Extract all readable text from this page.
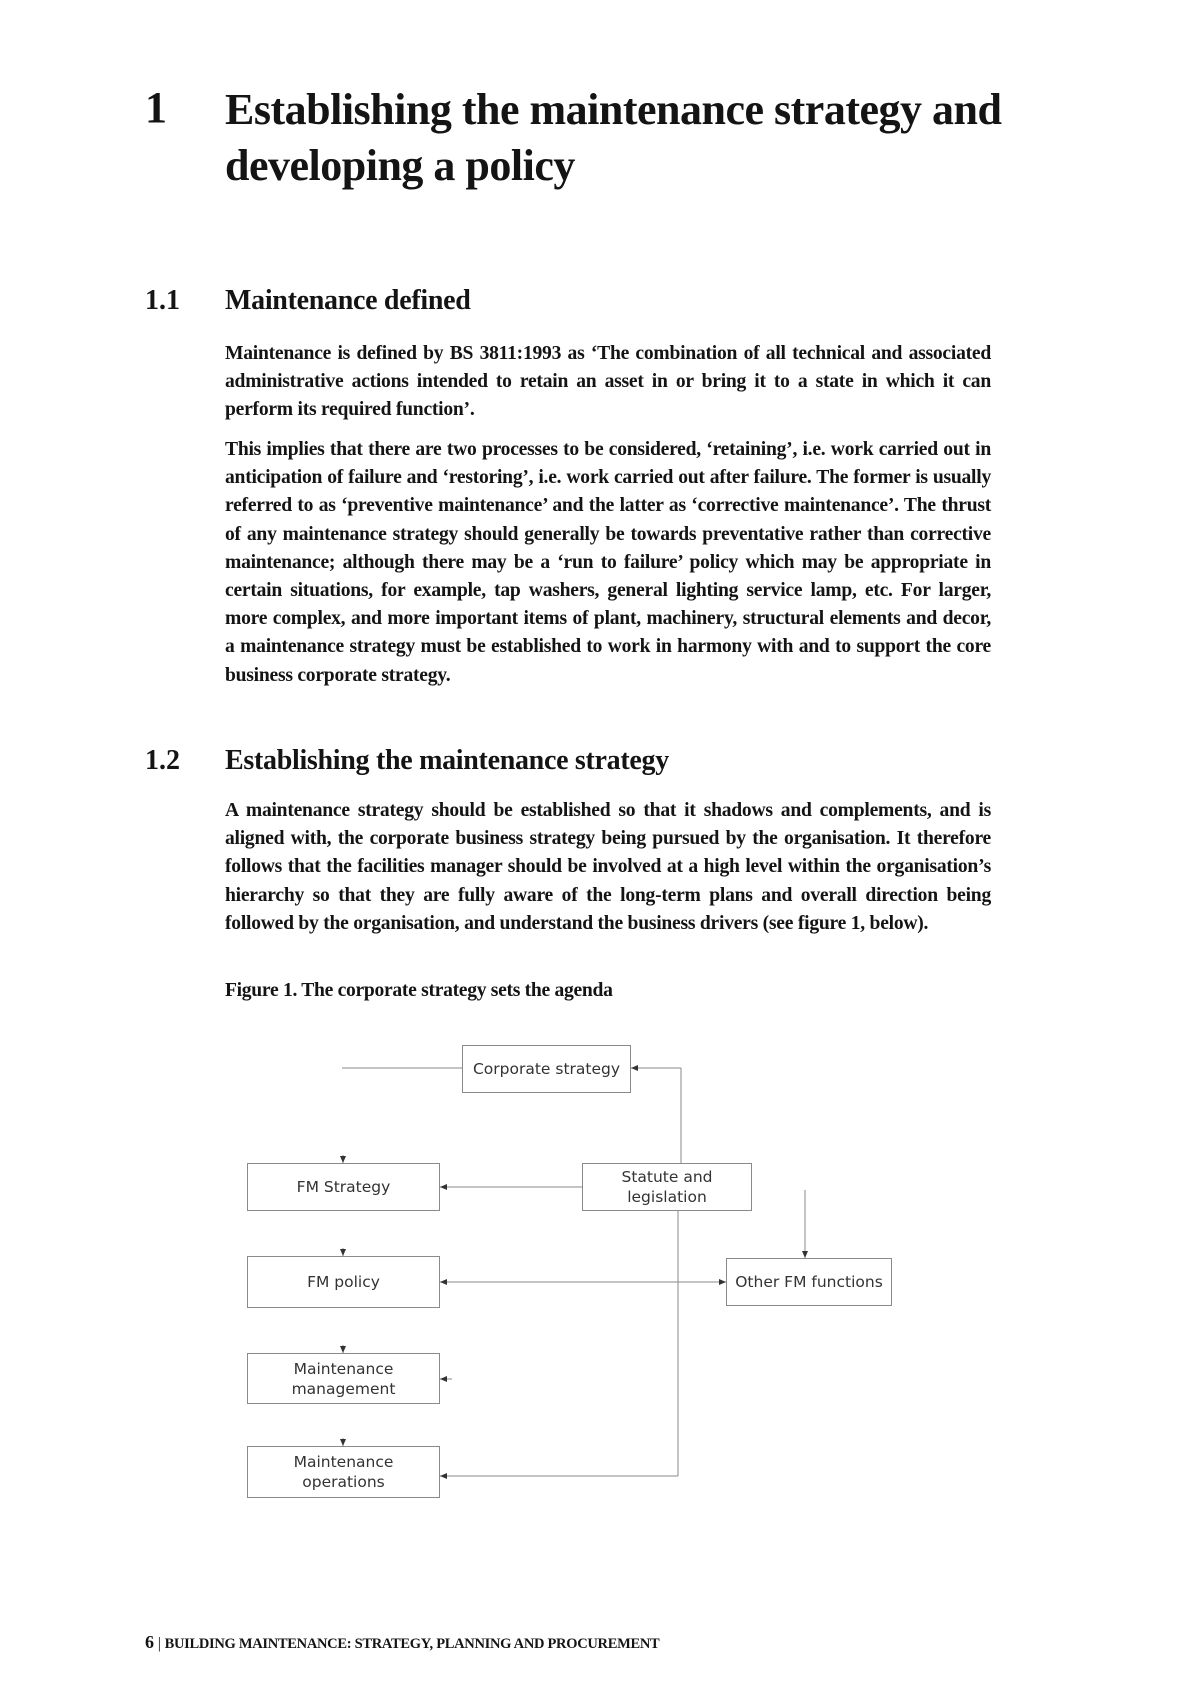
1 Establishing the maintenance strategy and developing a policy
1.1 Maintenance defined

Maintenance is defined by BS 3811:1993 as ‘The combination of all technical and associated administrative actions intended to retain an asset in or bring it to a state in which it can perform its required function’.

This implies that there are two processes to be considered, ‘retaining’, i.e. work carried out in anticipation of failure and ‘restoring’, i.e. work carried out after failure. The former is usually referred to as ‘preventive maintenance’ and the latter as ‘corrective maintenance’. The thrust of any maintenance strategy should generally be towards preventative rather than corrective maintenance; although there may be a ‘run to failure’ policy which may be appropriate in certain situations, for example, tap washers, general lighting service lamp, etc. For larger, more complex, and more important items of plant, machinery, structural elements and decor, a maintenance strategy must be established to work in harmony with and to support the core business corporate strategy.

1.2 Establishing the maintenance strategy

A maintenance strategy should be established so that it shadows and complements, and is aligned with, the corporate business strategy being pursued by the organisation. It therefore follows that the facilities manager should be involved at a high level within the organisation’s hierarchy so that they are fully aware of the long-term plans and overall direction being followed by the organisation, and understand the business drivers (see figure 1, below).

Figure 1. The corporate strategy sets the agenda
Corporate strategy
Statute and legislation
FM Strategy
FM policy	Other FM functions
Maintenance management
Maintenance operations
6 | BUILDING MAINTENANCE: STRATEGY, PLANNING AND PROCUREMENT
